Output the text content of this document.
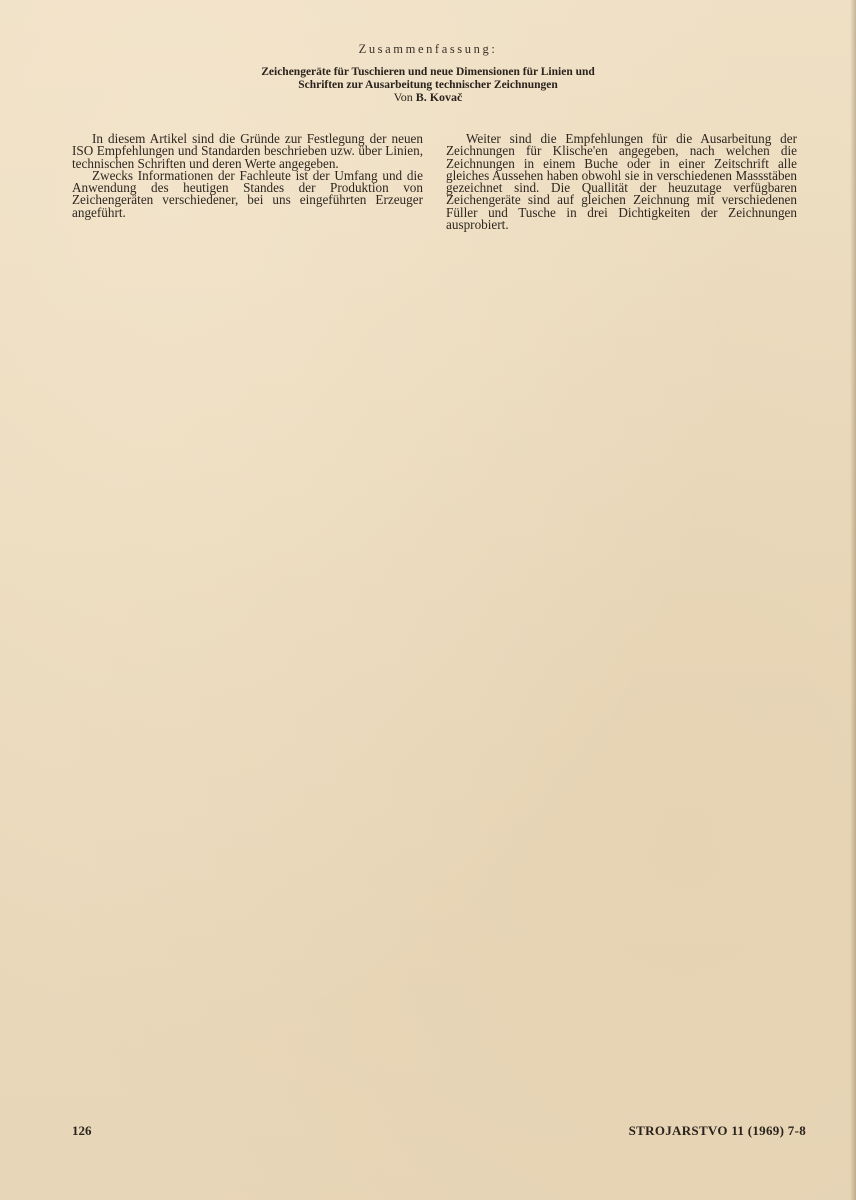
Zusammenfassung:
Zeichengeräte für Tuschieren und neue Dimensionen für Linien und Schriften zur Ausarbeitung technischer Zeichnungen
Von B. Kovač

In diesem Artikel sind die Gründe zur Festlegung der neuen ISO Empfehlungen und Standarden beschrieben uzw. über Linien, technischen Schriften und deren Werte angegeben.

Zwecks Informationen der Fachleute ist der Umfang und die Anwendung des heutigen Standes der Produktion von Zeichengeräten verschiedener, bei uns eingeführten Erzeuger angeführt.

Weiter sind die Empfehlungen für die Ausarbeitung der Zeichnungen für Klische'en angegeben, nach welchen die Zeichnungen in einem Buche oder in einer Zeitschrift alle gleiches Aussehen haben obwohl sie in verschiedenen Massstäben gezeichnet sind. Die Quallität der heuzutage verfügbaren Zeichengeräte sind auf gleichen Zeichnung mit verschiedenen Füller und Tusche in drei Dichtigkeiten der Zeichnungen ausprobiert.

126	STROJARSTVO 11 (1969) 7-8
